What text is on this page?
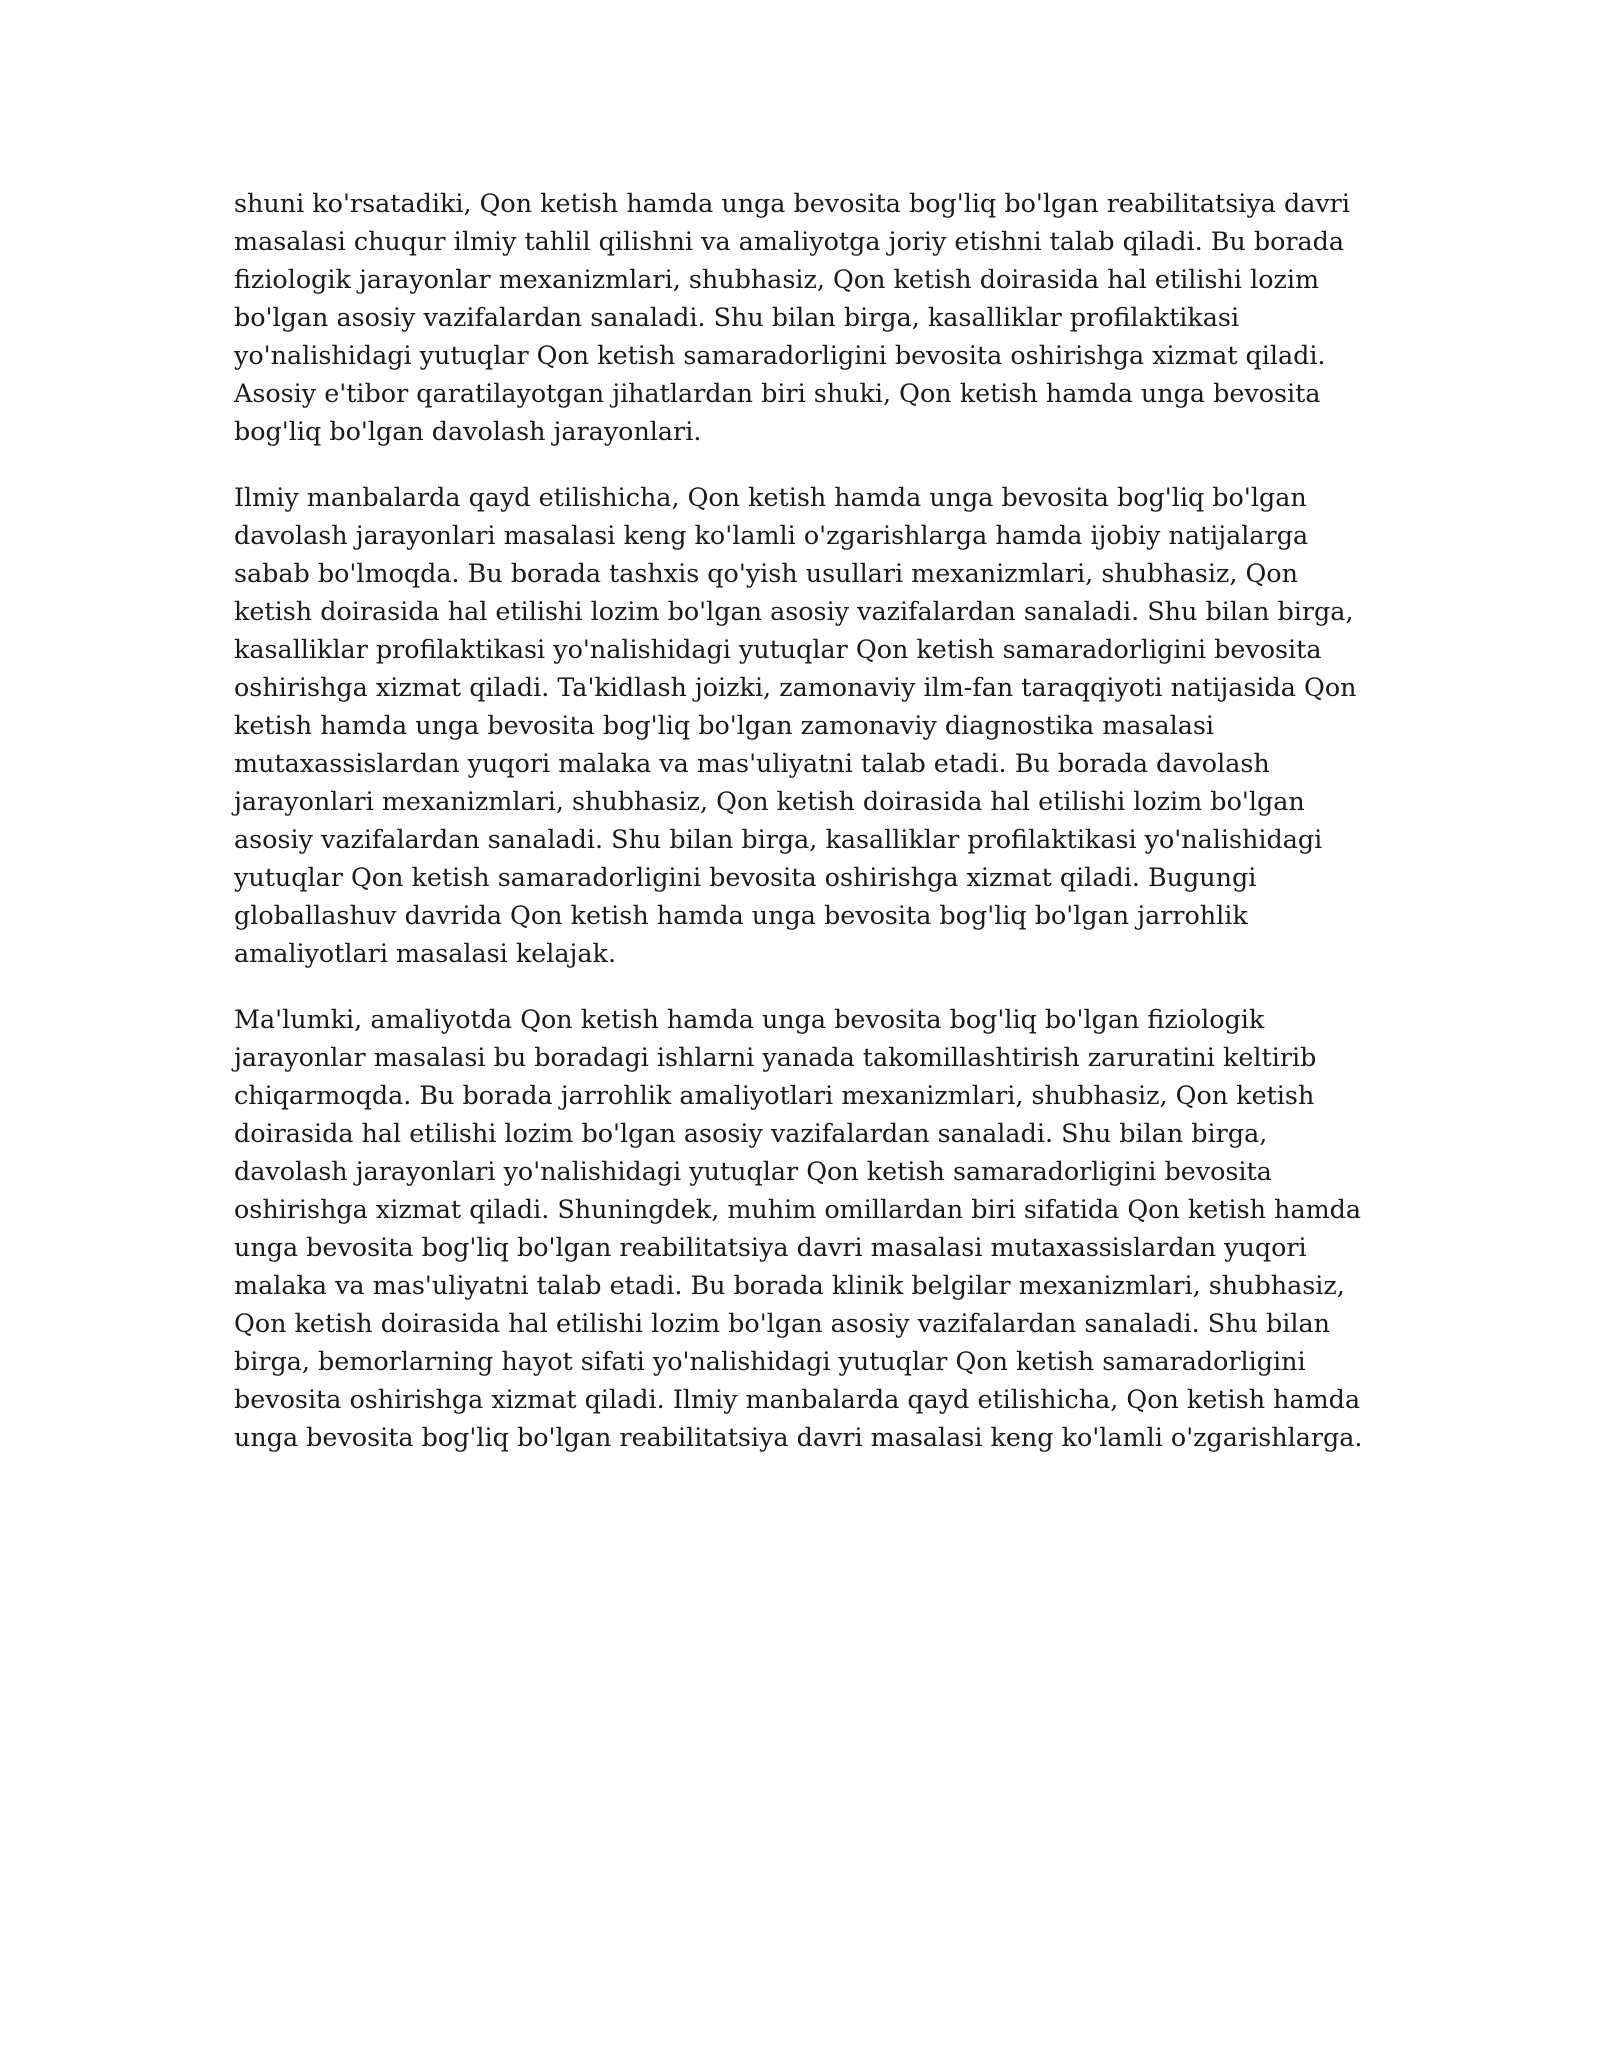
shuni ko'rsatadiki, Qon ketish hamda unga bevosita bog'liq bo'lgan reabilitatsiya davri masalasi chuqur ilmiy tahlil qilishni va amaliyotga joriy etishni talab qiladi. Bu borada fiziologik jarayonlar mexanizmlari, shubhasiz, Qon ketish doirasida hal etilishi lozim bo'lgan asosiy vazifalardan sanaladi. Shu bilan birga, kasalliklar profilaktikasi yo'nalishidagi yutuqlar Qon ketish samaradorligini bevosita oshirishga xizmat qiladi. Asosiy e'tibor qaratilayotgan jihatlardan biri shuki, Qon ketish hamda unga bevosita bog'liq bo'lgan davolash jarayonlari.

Ilmiy manbalarda qayd etilishicha, Qon ketish hamda unga bevosita bog'liq bo'lgan davolash jarayonlari masalasi keng ko'lamli o'zgarishlarga hamda ijobiy natijalarga sabab bo'lmoqda. Bu borada tashxis qo'yish usullari mexanizmlari, shubhasiz, Qon ketish doirasida hal etilishi lozim bo'lgan asosiy vazifalardan sanaladi. Shu bilan birga, kasalliklar profilaktikasi yo'nalishidagi yutuqlar Qon ketish samaradorligini bevosita oshirishga xizmat qiladi. Ta'kidlash joizki, zamonaviy ilm-fan taraqqiyoti natijasida Qon ketish hamda unga bevosita bog'liq bo'lgan zamonaviy diagnostika masalasi mutaxassislardan yuqori malaka va mas'uliyatni talab etadi. Bu borada davolash jarayonlari mexanizmlari, shubhasiz, Qon ketish doirasida hal etilishi lozim bo'lgan asosiy vazifalardan sanaladi. Shu bilan birga, kasalliklar profilaktikasi yo'nalishidagi yutuqlar Qon ketish samaradorligini bevosita oshirishga xizmat qiladi. Bugungi globallashuv davrida Qon ketish hamda unga bevosita bog'liq bo'lgan jarrohlik amaliyotlari masalasi kelajak.

Ma'lumki, amaliyotda Qon ketish hamda unga bevosita bog'liq bo'lgan fiziologik jarayonlar masalasi bu boradagi ishlarni yanada takomillashtirish zaruratini keltirib chiqarmoqda. Bu borada jarrohlik amaliyotlari mexanizmlari, shubhasiz, Qon ketish doirasida hal etilishi lozim bo'lgan asosiy vazifalardan sanaladi. Shu bilan birga, davolash jarayonlari yo'nalishidagi yutuqlar Qon ketish samaradorligini bevosita oshirishga xizmat qiladi. Shuningdek, muhim omillardan biri sifatida Qon ketish hamda unga bevosita bog'liq bo'lgan reabilitatsiya davri masalasi mutaxassislardan yuqori malaka va mas'uliyatni talab etadi. Bu borada klinik belgilar mexanizmlari, shubhasiz, Qon ketish doirasida hal etilishi lozim bo'lgan asosiy vazifalardan sanaladi. Shu bilan birga, bemorlarning hayot sifati yo'nalishidagi yutuqlar Qon ketish samaradorligini bevosita oshirishga xizmat qiladi. Ilmiy manbalarda qayd etilishicha, Qon ketish hamda unga bevosita bog'liq bo'lgan reabilitatsiya davri masalasi keng ko'lamli o'zgarishlarga.
